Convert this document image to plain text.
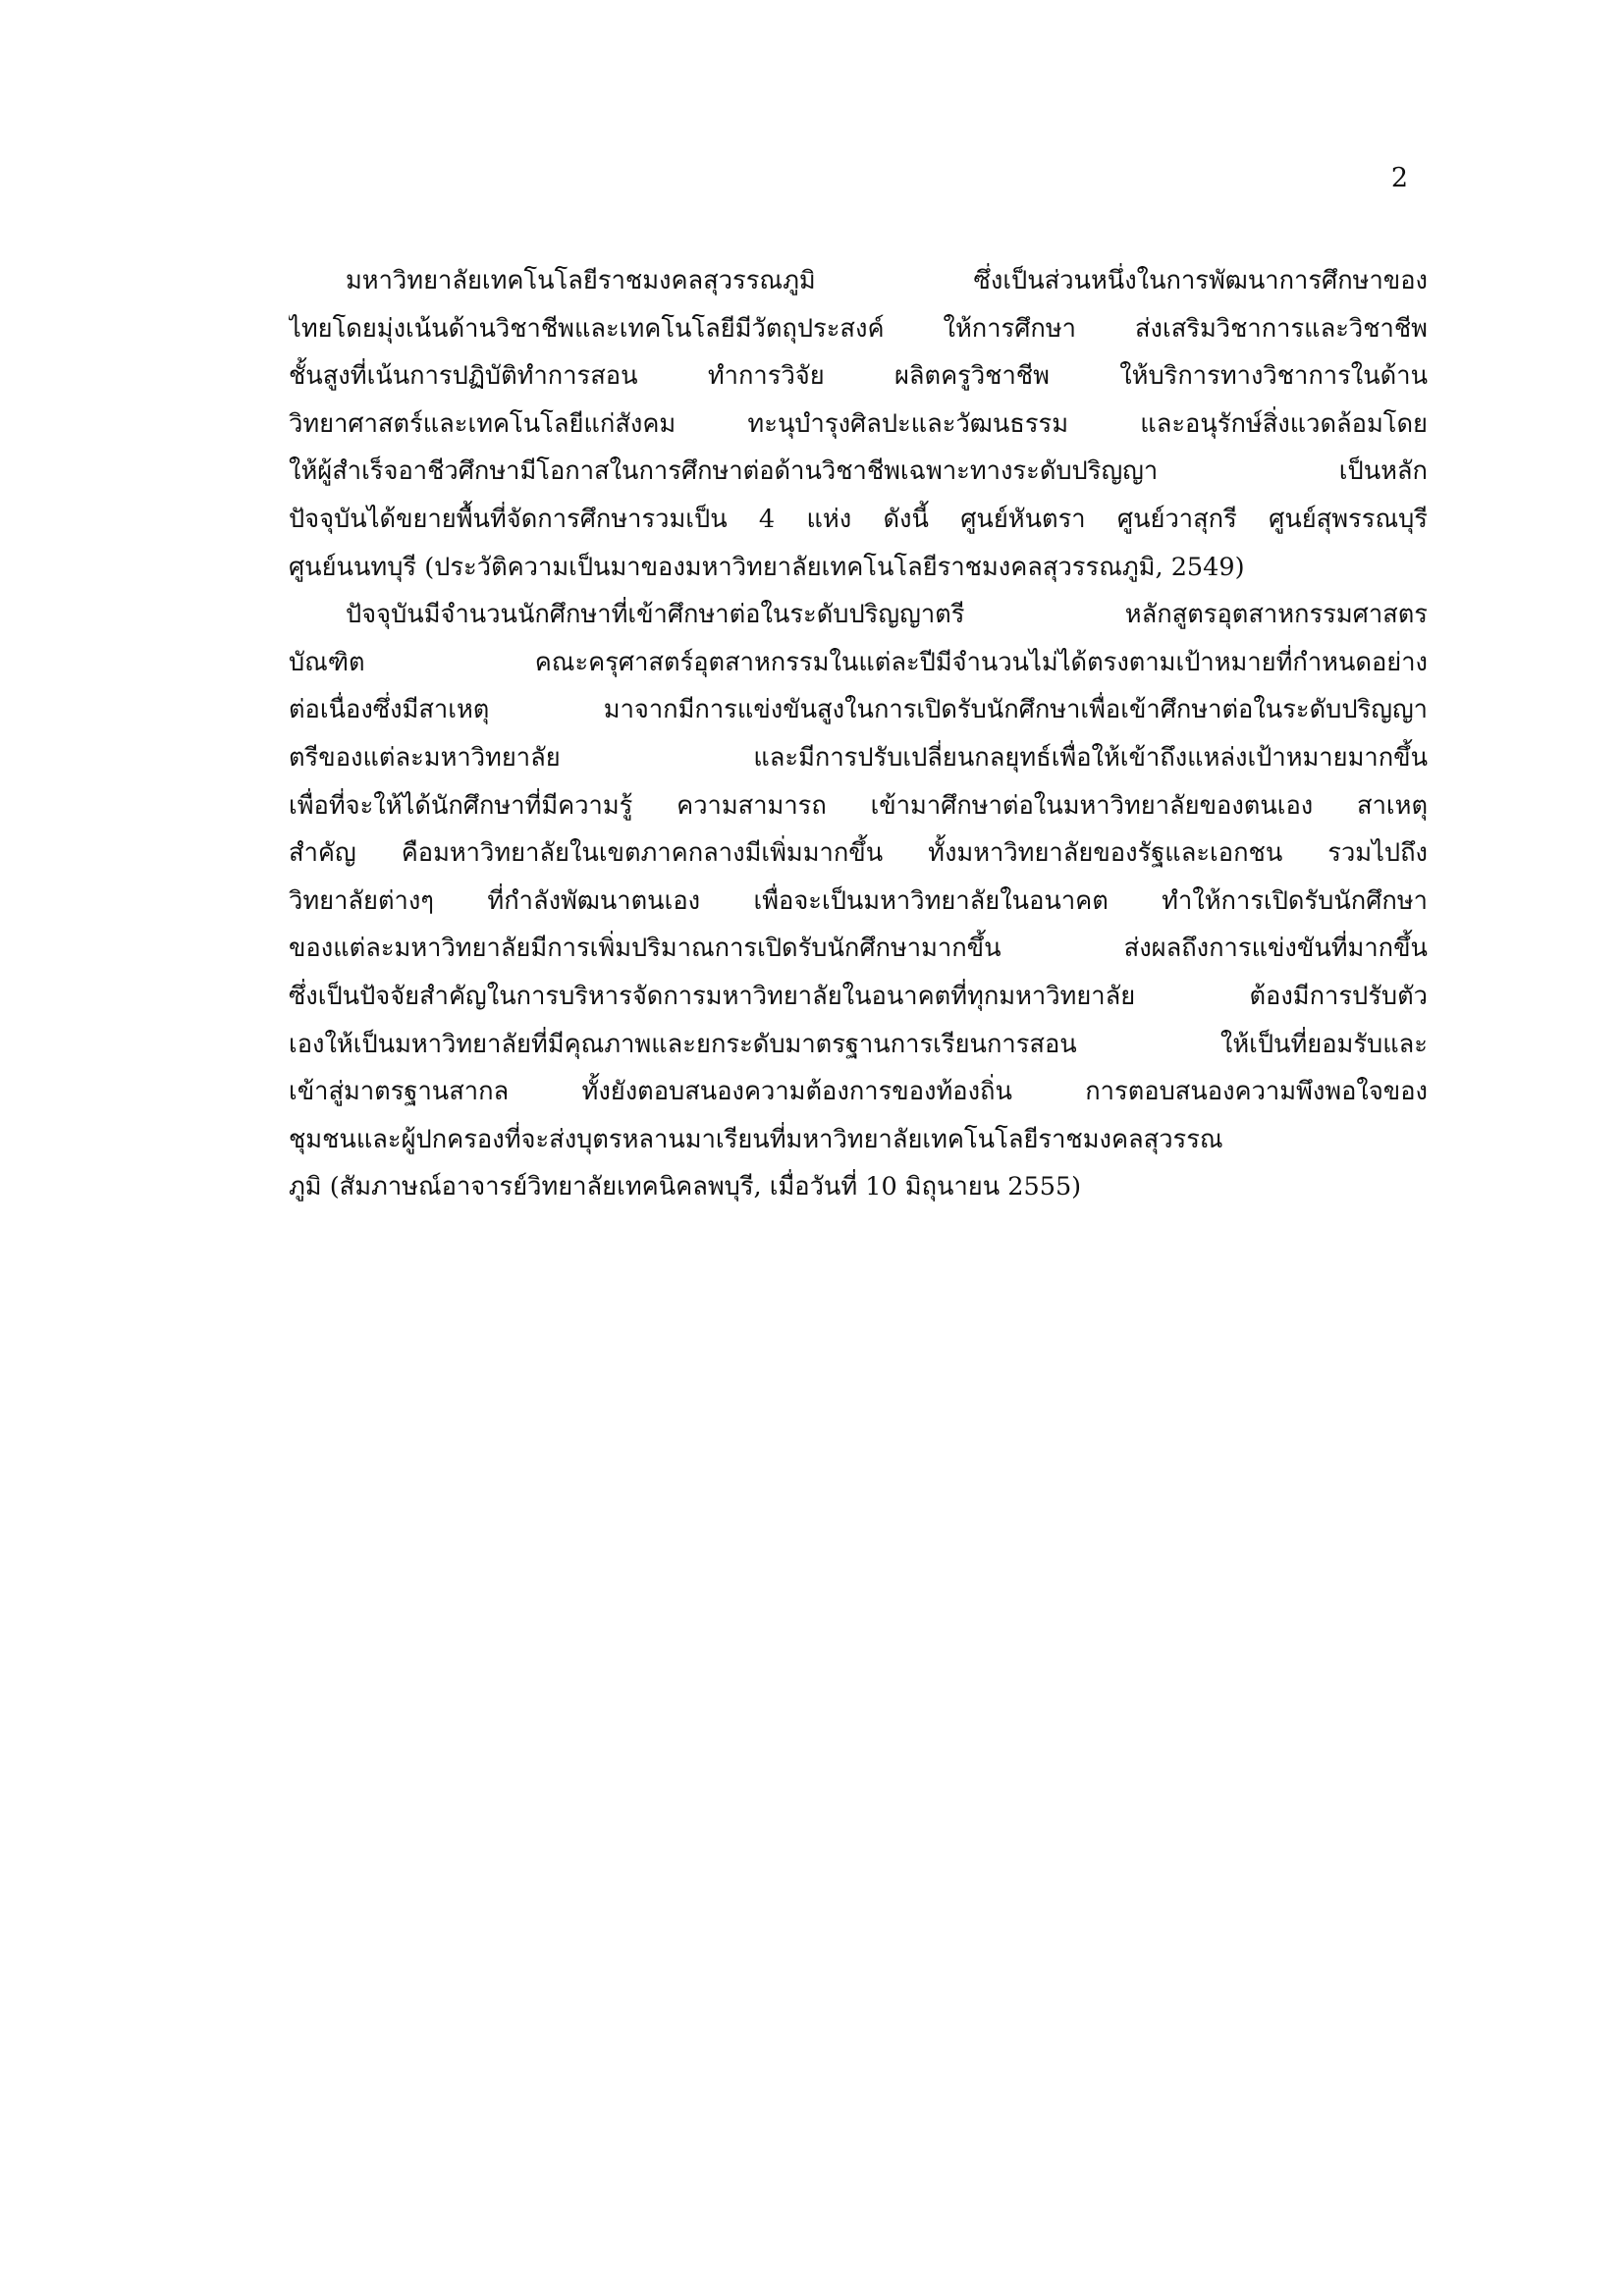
2

มหาวิทยาลัยเทคโนโลยีราชมงคลสุวรรณภูมิ ซึ่งเป็นส่วนหนึ่งในการพัฒนาการศึกษาของ
ไทยโดยมุ่งเน้นด้านวิชาชีพและเทคโนโลยีมีวัตถุประสงค์ ให้การศึกษา ส่งเสริมวิชาการและวิชาชีพ
ชั้นสูงที่เน้นการปฏิบัติทำการสอน ทำการวิจัย ผลิตครูวิชาชีพ ให้บริการทางวิชาการในด้าน
วิทยาศาสตร์และเทคโนโลยีแก่สังคม ทะนุบำรุงศิลปะและวัฒนธรรม และอนุรักษ์สิ่งแวดล้อมโดย
ให้ผู้สำเร็จอาชีวศึกษามีโอกาสในการศึกษาต่อด้านวิชาชีพเฉพาะทางระดับปริญญา เป็นหลัก
ปัจจุบันได้ขยายพื้นที่จัดการศึกษารวมเป็น 4 แห่ง ดังนี้ ศูนย์หันตรา ศูนย์วาสุกรี ศูนย์สุพรรณบุรี
ศูนย์นนทบุรี (ประวัติความเป็นมาของมหาวิทยาลัยเทคโนโลยีราชมงคลสุวรรณภูมิ, 2549)

ปัจจุบันมีจำนวนนักศึกษาที่เข้าศึกษาต่อในระดับปริญญาตรี หลักสูตรอุตสาหกรรมศาสตร
บัณฑิต คณะครุศาสตร์อุตสาหกรรมในแต่ละปีมีจำนวนไม่ได้ตรงตามเป้าหมายที่กำหนดอย่าง
ต่อเนื่องซึ่งมีสาเหตุ มาจากมีการแข่งขันสูงในการเปิดรับนักศึกษาเพื่อเข้าศึกษาต่อในระดับปริญญา
ตรีของแต่ละมหาวิทยาลัย และมีการปรับเปลี่ยนกลยุทธ์เพื่อให้เข้าถึงแหล่งเป้าหมายมากขึ้น
เพื่อที่จะให้ได้นักศึกษาที่มีความรู้ ความสามารถ เข้ามาศึกษาต่อในมหาวิทยาลัยของตนเอง สาเหตุ
สำคัญ คือมหาวิทยาลัยในเขตภาคกลางมีเพิ่มมากขึ้น ทั้งมหาวิทยาลัยของรัฐและเอกชน รวมไปถึง
วิทยาลัยต่างๆ ที่กำลังพัฒนาตนเอง เพื่อจะเป็นมหาวิทยาลัยในอนาคต ทำให้การเปิดรับนักศึกษา
ของแต่ละมหาวิทยาลัยมีการเพิ่มปริมาณการเปิดรับนักศึกษามากขึ้น ส่งผลถึงการแข่งขันที่มากขึ้น
ซึ่งเป็นปัจจัยสำคัญในการบริหารจัดการมหาวิทยาลัยในอนาคตที่ทุกมหาวิทยาลัย ต้องมีการปรับตัว
เองให้เป็นมหาวิทยาลัยที่มีคุณภาพและยกระดับมาตรฐานการเรียนการสอน ให้เป็นที่ยอมรับและ
เข้าสู่มาตรฐานสากล ทั้งยังตอบสนองความต้องการของท้องถิ่น การตอบสนองความพึงพอใจของ
ชุมชนและผู้ปกครองที่จะส่งบุตรหลานมาเรียนที่มหาวิทยาลัยเทคโนโลยีราชมงคลสุวรรณ
ภูมิ (สัมภาษณ์อาจารย์วิทยาลัยเทคนิคลพบุรี, เมื่อวันที่ 10 มิถุนายน 2555)
